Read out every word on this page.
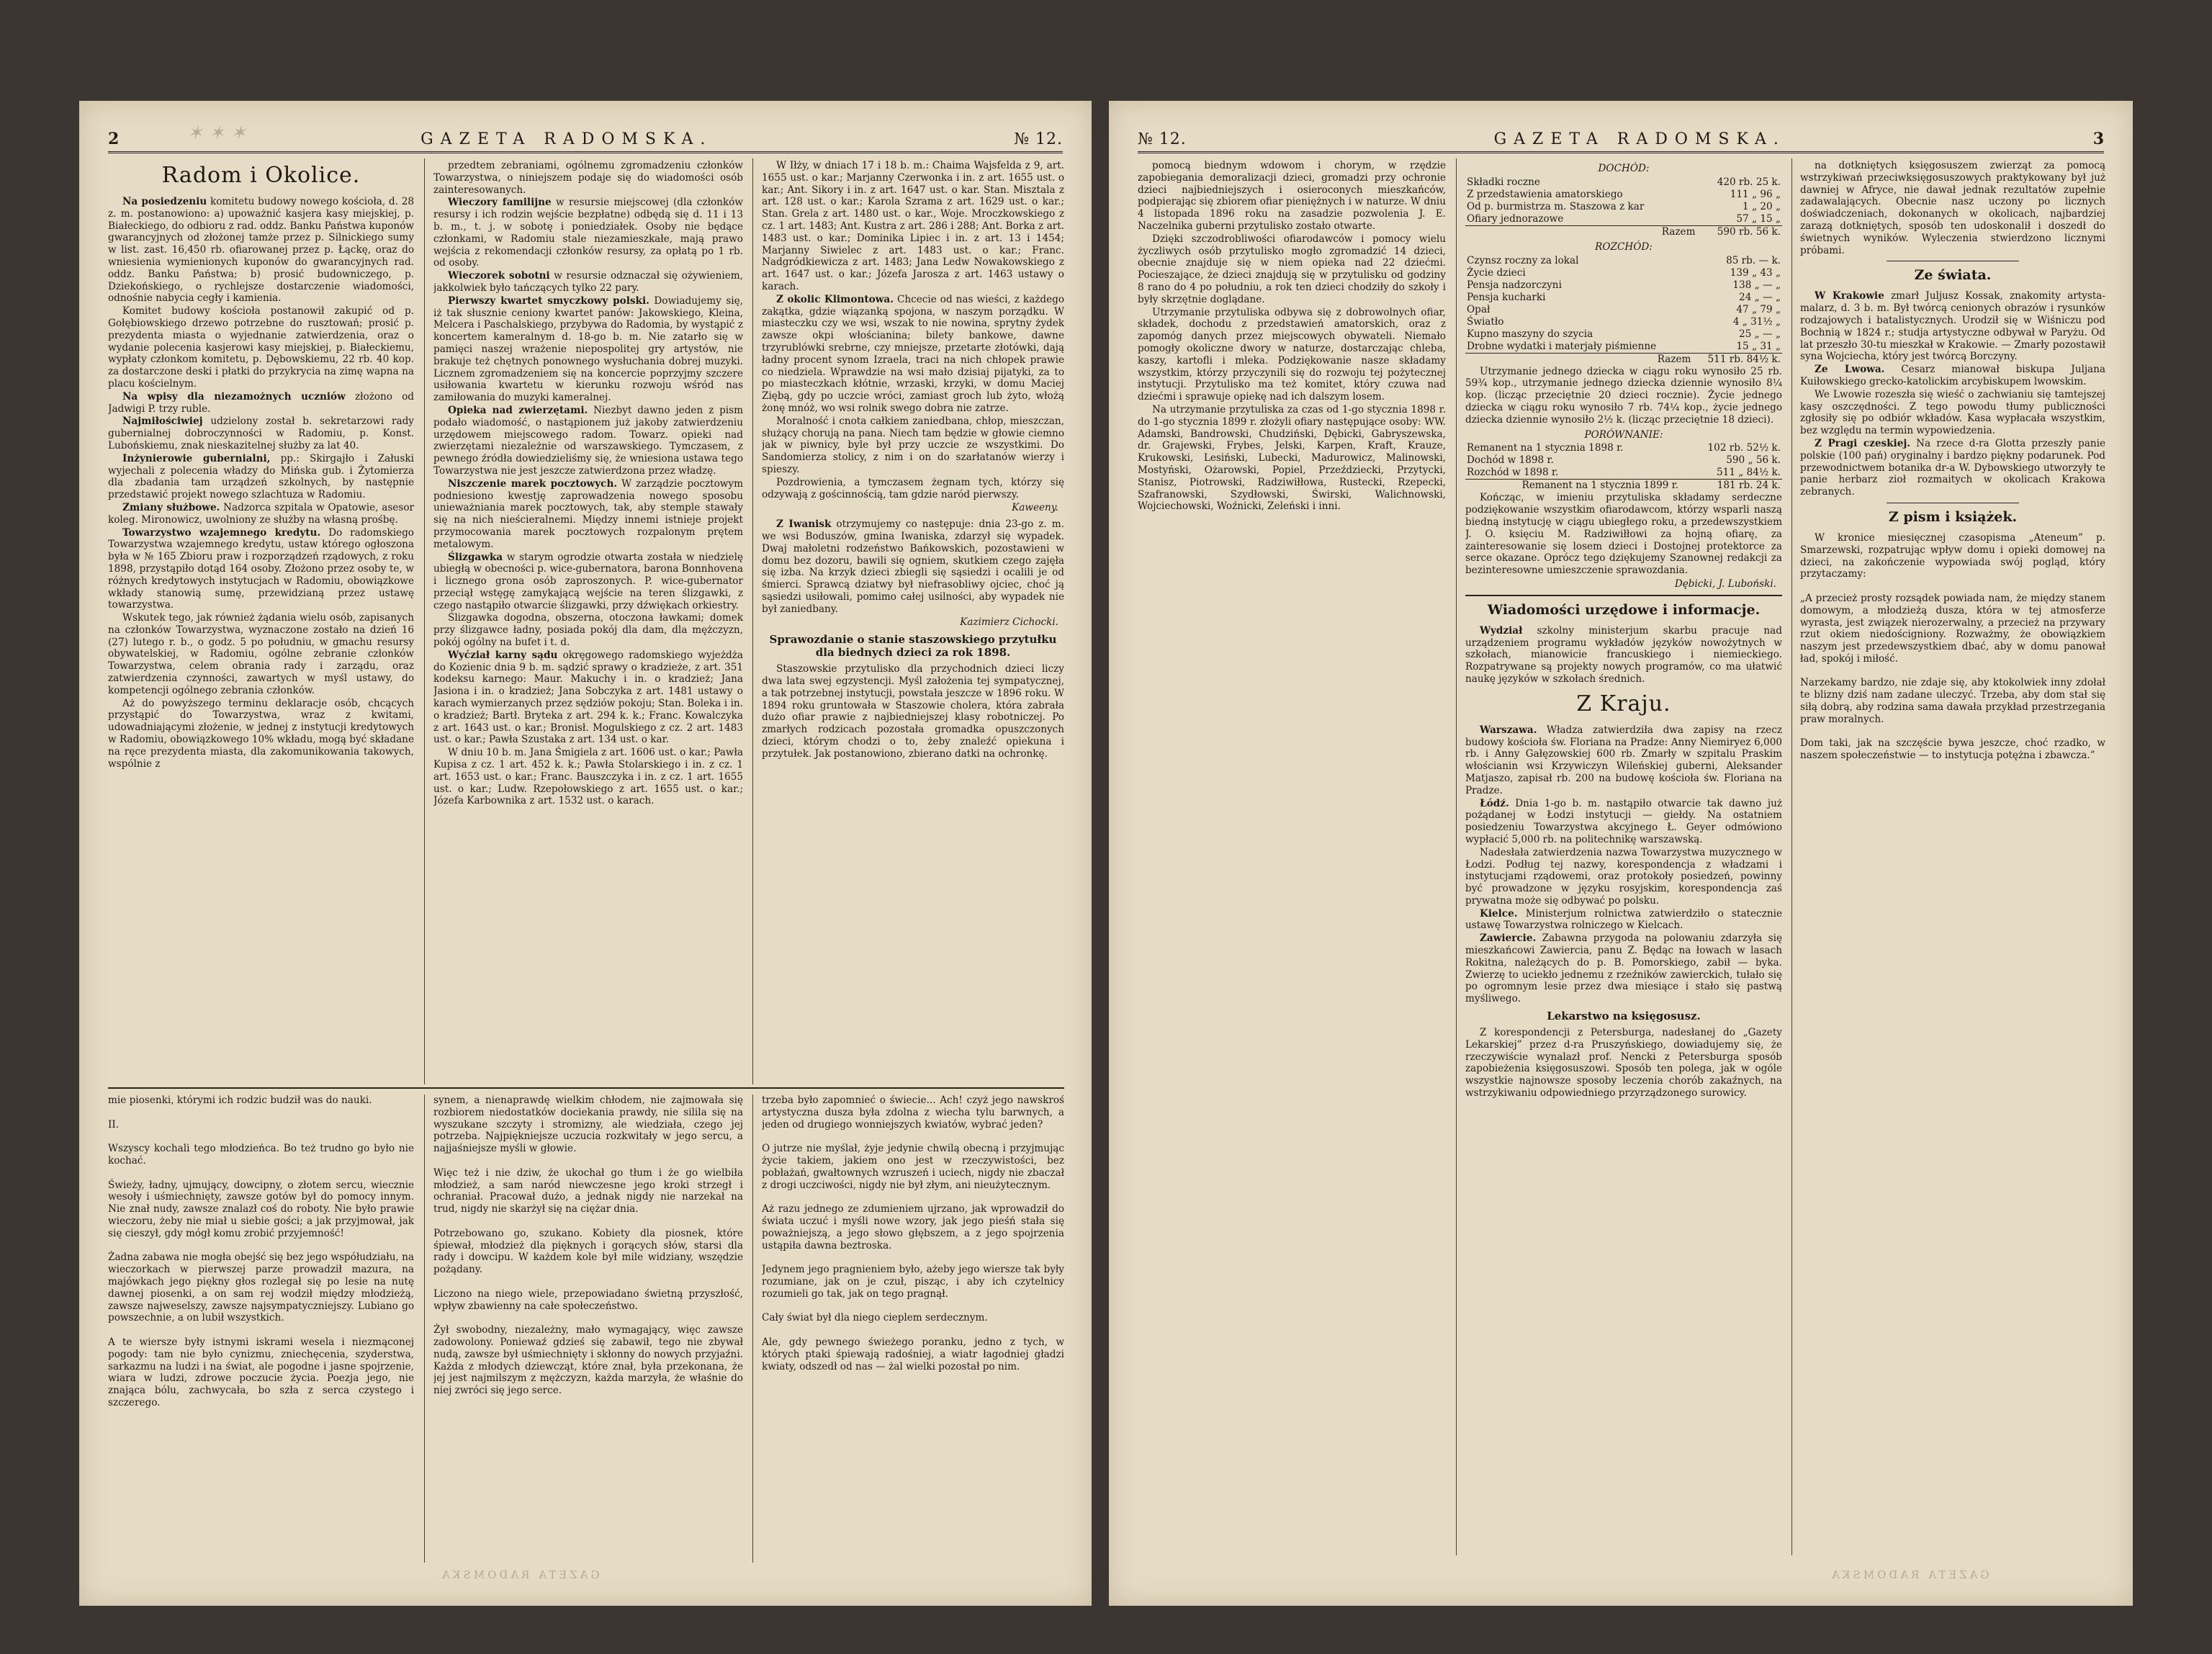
✶ ✶ ✶
2	GAZETA RADOMSKA.	№ 12.
Radom i Okolice.

Na posiedzeniu komitetu budowy nowego kościoła, d. 28 z. m. postanowiono: a) upoważnić kasjera kasy miejskiej, p. Białeckiego, do odbioru z rad. oddz. Banku Państwa kuponów gwarancyjnych od złożonej tamże przez p. Silnickiego sumy w list. zast. 16,450 rb. ofiarowanej przez p. Łąckę, oraz do wniesienia wymienionych kuponów do gwarancyjnych rad. oddz. Banku Państwa; b) prosić budowniczego, p. Dziekońskiego, o rychlejsze dostarczenie wiadomości, odnośnie nabycia cegły i kamienia.

Komitet budowy kościoła postanowił zakupić od p. Gołębiowskiego drzewo potrzebne do rusztowań; prosić p. prezydenta miasta o wyjednanie zatwierdzenia, oraz o wydanie polecenia kasjerowi kasy miejskiej, p. Białeckiemu, wypłaty członkom komitetu, p. Dębowskiemu, 22 rb. 40 kop. za dostarczone deski i płatki do przykrycia na zimę wapna na placu kościelnym.

Na wpisy dla niezamożnych uczniów złożono od Jadwigi P. trzy ruble.

Najmiłościwiej udzielony został b. sekretarzowi rady gubernialnej dobroczynności w Radomiu, p. Konst. Lubońskiemu, znak nieskazitelnej służby za lat 40.

Inżynierowie gubernialni, pp.: Skirgajło i Załuski wyjechali z polecenia władzy do Mińska gub. i Żytomierza dla zbadania tam urządzeń szkolnych, by następnie przedstawić projekt nowego szlachtuza w Radomiu.

Zmiany służbowe. Nadzorca szpitala w Opatowie, asesor koleg. Mironowicz, uwolniony ze służby na własną prośbę.

Towarzystwo wzajemnego kredytu. Do radomskiego Towarzystwa wzajemnego kredytu, ustaw którego ogłoszona była w № 165 Zbioru praw i rozporządzeń rządowych, z roku 1898, przystąpiło dotąd 164 osoby. Złożono przez osoby te, w różnych kredytowych instytucjach w Radomiu, obowiązkowe wkłady stanowią sumę, przewidzianą przez ustawę towarzystwa.

Wskutek tego, jak również żądania wielu osób, zapisanych na członków Towarzystwa, wyznaczone zostało na dzień 16 (27) lutego r. b., o godz. 5 po południu, w gmachu resursy obywatelskiej, w Radomiu, ogólne zebranie członków Towarzystwa, celem obrania rady i zarządu, oraz zatwierdzenia czynności, zawartych w myśl ustawy, do kompetencji ogólnego zebrania członków.

Aż do powyższego terminu deklaracje osób, chcących przystąpić do Towarzystwa, wraz z kwitami, udowadniającymi złożenie, w jednej z instytucji kredytowych w Radomiu, obowiązkowego 10% wkładu, mogą być składane na ręce prezydenta miasta, dla zakomunikowania takowych, wspólnie z

przedtem zebraniami, ogólnemu zgromadzeniu członków Towarzystwa, o niniejszem podaje się do wiadomości osób zainteresowanych.

Wieczory familijne w resursie miejscowej (dla członków resursy i ich rodzin wejście bezpłatne) odbędą się d. 11 i 13 b. m., t. j. w sobotę i poniedziałek. Osoby nie będące członkami, w Radomiu stale niezamieszkałe, mają prawo wejścia z rekomendacji członków resursy, za opłatą po 1 rb. od osoby.

Wieczorek sobotni w resursie odznaczał się ożywieniem, jakkolwiek było tańczących tylko 22 pary.

Pierwszy kwartet smyczkowy polski. Dowiadujemy się, iż tak słusznie ceniony kwartet panów: Jakowskiego, Kleina, Melcera i Paschalskiego, przybywa do Radomia, by wystąpić z koncertem kameralnym d. 18-go b. m. Nie zatarło się w pamięci naszej wrażenie niepospolitej gry artystów, nie brakuje też chętnych ponownego wysłuchania dobrej muzyki. Licznem zgromadzeniem się na koncercie poprzyjmy szczere usiłowania kwartetu w kierunku rozwoju wśród nas zamiłowania do muzyki kameralnej.

Opieka nad zwierzętami. Niezbyt dawno jeden z pism podało wiadomość, o nastąpionem już jakoby zatwierdzeniu urzędowem miejscowego radom. Towarz. opieki nad zwierzętami niezależnie od warszawskiego. Tymczasem, z pewnego źródła dowiedzieliśmy się, że wniesiona ustawa tego Towarzystwa nie jest jeszcze zatwierdzona przez władzę.

Niszczenie marek pocztowych. W zarządzie pocztowym podniesiono kwestję zaprowadzenia nowego sposobu unieważniania marek pocztowych, tak, aby stemple stawały się na nich nieścieralnemi. Między innemi istnieje projekt przymocowania marek pocztowych rozpalonym prętem metalowym.

Ślizgawka w starym ogrodzie otwarta została w niedzielę ubiegłą w obecności p. wice-gubernatora, barona Bonnhovena i licznego grona osób zaproszonych. P. wice-gubernator przeciął wstęgę zamykającą wejście na teren ślizgawki, z czego nastąpiło otwarcie ślizgawki, przy dźwiękach orkiestry.

Ślizgawka dogodna, obszerna, otoczona ławkami; domek przy ślizgawce ładny, posiada pokój dla dam, dla mężczyzn, pokój ogólny na bufet i t. d.

Wyćział karny sądu okręgowego radomskiego wyjeżdża do Kozienic dnia 9 b. m. sądzić sprawy o kradzieże, z art. 351 kodeksu karnego: Maur. Makuchy i in. o kradzież; Jana Jasiona i in. o kradzież; Jana Sobczyka z art. 1481 ustawy o karach wymierzanych przez sędziów pokoju; Stan. Boleka i in. o kradzież; Bartł. Bryteka z art. 294 k. k.; Franc. Kowalczyka z art. 1643 ust. o kar.; Bronisł. Mogulskiego z cz. 2 art. 1483 ust. o kar.; Pawła Szustaka z art. 134 ust. o kar.

W dniu 10 b. m. Jana Śmigiela z art. 1606 ust. o kar.; Pawła Kupisa z cz. 1 art. 452 k. k.; Pawła Stolarskiego i in. z cz. 1 art. 1653 ust. o kar.; Franc. Bauszczyka i in. z cz. 1 art. 1655 ust. o kar.; Ludw. Rzepołowskiego z art. 1655 ust. o kar.; Józefa Karbownika z art. 1532 ust. o karach.

W Iłży, w dniach 17 i 18 b. m.: Chaima Wajsfelda z 9, art. 1655 ust. o kar.; Marjanny Czerwonka i in. z art. 1655 ust. o kar.; Ant. Sikory i in. z art. 1647 ust. o kar. Stan. Misztala z art. 128 ust. o kar.; Karola Szrama z art. 1629 ust. o kar.; Stan. Grela z art. 1480 ust. o kar., Woje. Mroczkowskiego z cz. 1 art. 1483; Ant. Kustra z art. 286 i 288; Ant. Borka z art. 1483 ust. o kar.; Dominika Lipiec i in. z art. 13 i 1454; Marjanny Siwielec z art. 1483 ust. o kar.; Franc. Nadgródkiewicza z art. 1483; Jana Ledw Nowakowskiego z art. 1647 ust. o kar.; Józefa Jarosza z art. 1463 ustawy o karach.

Z okolic Klimontowa. Chcecie od nas wieści, z każdego zakątka, gdzie wiązanką spojona, w naszym porządku. W miasteczku czy we wsi, wszak to nie nowina, sprytny żydek zawsze okpi włościanina; bilety bankowe, dawne trzyrublówki srebrne, czy mniejsze, przetarte złotówki, dają ładny procent synom Izraela, traci na nich chłopek prawie co niedziela. Wprawdzie na wsi mało dzisiaj pijatyki, za to po miasteczkach kłótnie, wrzaski, krzyki, w domu Maciej Ziębą, gdy po uczcie wróci, zamiast groch lub żyto, włożą żonę mnóż, wo wsi rolnik swego dobra nie zatrze.

Moralność i cnota całkiem zaniedbana, chłop, mieszczan, służący chorują na pana. Niech tam będzie w głowie ciemno jak w piwnicy, byle był przy uczcie ze wszystkimi. Do Sandomierza stolicy, z nim i on do szarłatanów wierzy i spieszy.

Pozdrowienia, a tymczasem żegnam tych, którzy się odzywają z gościnnością, tam gdzie naród pierwszy.

Kaweeny.

Z Iwanisk otrzymujemy co następuje: dnia 23-go z. m. we wsi Boduszów, gmina Iwaniska, zdarzył się wypadek. Dwaj małoletni rodzeństwo Bańkowskich, pozostawieni w domu bez dozoru, bawili się ogniem, skutkiem czego zajęła się izba. Na krzyk dzieci zbiegli się sąsiedzi i ocalili je od śmierci. Sprawcą dziatwy był niefrasobliwy ojciec, choć ją sąsiedzi usiłowali, pomimo całej usilności, aby wypadek nie był zaniedbany.

Kazimierz Cichocki.
Sprawozdanie o stanie staszowskiego przytułku dla biednych dzieci za rok 1898.

Staszowskie przytulisko dla przychodnich dzieci liczy dwa lata swej egzystencji. Myśl założenia tej sympatycznej, a tak potrzebnej instytucji, powstała jeszcze w 1896 roku. W 1894 roku gruntowała w Staszowie cholera, która zabrała dużo ofiar prawie z najbiedniejszej klasy robotniczej. Po zmarłych rodzicach pozostała gromadka opuszczonych dzieci, którym chodzi o to, żeby znaleźć opiekuna i przytułek. Jak postanowiono, zbierano datki na ochronkę.

mie piosenki, którymi ich rodzic budził was do nauki.

II.

Wszyscy kochali tego młodzieńca. Bo też trudno go było nie kochać.

Świeży, ładny, ujmujący, dowcipny, o złotem sercu, wiecznie wesoły i uśmiechnięty, zawsze gotów był do pomocy innym. Nie znał nudy, zawsze znalazł coś do roboty. Nie było prawie wieczoru, żeby nie miał u siebie gości; a jak przyjmował, jak się cieszył, gdy mógł komu zrobić przyjemność!

Żadna zabawa nie mogła obejść się bez jego współudziału, na wieczorkach w pierwszej parze prowadził mazura, na majówkach jego piękny głos rozlegał się po lesie na nutę dawnej piosenki, a on sam rej wodził między młodzieżą, zawsze najweselszy, zawsze najsympatyczniejszy. Lubiano go powszechnie, a on lubił wszystkich.

A te wiersze były istnymi iskrami wesela i niezmąconej pogody: tam nie było cynizmu, zniechęcenia, szyderstwa, sarkazmu na ludzi i na świat, ale pogodne i jasne spojrzenie, wiara w ludzi, zdrowe poczucie życia. Poezja jego, nie znająca bólu, zachwycała, bo szła z serca czystego i szczerego.
synem, a nienaprawdę wielkim chłodem, nie zajmowała się rozbiorem niedostatków dociekania prawdy, nie silila się na wyszukane szczyty i stromizny, ale wiedziała, czego jej potrzeba. Najpiękniejsze uczucia rozkwitały w jego sercu, a najjaśniejsze myśli w głowie.

Więc też i nie dziw, że ukochał go tłum i że go wielbiła młodzież, a sam naród niewczesne jego kroki strzegł i ochraniał. Pracował dużo, a jednak nigdy nie narzekał na trud, nigdy nie skarżył się na ciężar dnia.

Potrzebowano go, szukano. Kobiety dla piosnek, które śpiewał, młodzież dla pięknych i gorących słów, starsi dla rady i dowcipu. W każdem kole był mile widziany, wszędzie pożądany.

Liczono na niego wiele, przepowiadano świetną przyszłość, wpływ zbawienny na całe społeczeństwo.

Żył swobodny, niezależny, mało wymagający, więc zawsze zadowolony. Poniewaź gdzieś się zabawił, tego nie zbywał nudą, zawsze był uśmiechnięty i skłonny do nowych przyjaźni. Każda z młodych dziewcząt, które znał, była przekonana, że jej jest najmilszym z mężczyzn, każda marzyła, że właśnie do niej zwróci się jego serce.
trzeba było zapomnieć o świecie... Ach! czyż jego nawskroś artystyczna dusza była zdolna z wiecha tylu barwnych, a jeden od drugiego wonniejszych kwiatów, wybrać jeden?

O jutrze nie myślał, żyje jedynie chwilą obecną i przyjmując życie takiem, jakiem ono jest w rzeczywistości, bez pobłażań, gwałtownych wzruszeń i uciech, nigdy nie zbaczał z drogi uczciwości, nigdy nie był złym, ani nieużytecznym.

Aż razu jednego ze zdumieniem ujrzano, jak wprowadził do świata uczuć i myśli nowe wzory, jak jego pieśń stała się poważniejszą, a jego słowo głębszem, a z jego spojrzenia ustąpiła dawna beztroska.

Jedynem jego pragnieniem było, ażeby jego wiersze tak były rozumiane, jak on je czuł, pisząc, i aby ich czytelnicy rozumieli go tak, jak on tego pragnął.

Cały świat był dla niego cieplem serdecznym.

Ale, gdy pewnego świeżego poranku, jedno z tych, w których ptaki śpiewają radośniej, a wiatr łagodniej gładzi kwiaty, odszedł od nas — żal wielki pozostał po nim.
GAZETA RADOMSKA
№ 12.	GAZETA RADOMSKA.	3

pomocą biednym wdowom i chorym, w rzędzie zapobiegania demoralizacji dzieci, gromadzi przy ochronie dzieci najbiedniejszych i osieroconych mieszkańców, podpierając się zbiorem ofiar pieniężnych i w naturze. W dniu 4 listopada 1896 roku na zasadzie pozwolenia J. E. Naczelnika guberni przytulisko zostało otwarte.

Dzięki szczodrobliwości ofiarodawców i pomocy wielu życzliwych osób przytulisko mogło zgromadzić 14 dzieci, obecnie znajduje się w niem opieka nad 22 dziećmi. Pocieszające, że dzieci znajdują się w przytulisku od godziny 8 rano do 4 po południu, a rok ten dzieci chodziły do szkoły i były skrzętnie doglądane.

Utrzymanie przytuliska odbywa się z dobrowolnych ofiar, składek, dochodu z przedstawień amatorskich, oraz z zapomóg danych przez miejscowych obywateli. Niemało pomogły okoliczne dwory w naturze, dostarczając chleba, kaszy, kartofli i mleka. Podziękowanie nasze składamy wszystkim, którzy przyczynili się do rozwoju tej pożytecznej instytucji. Przytulisko ma też komitet, który czuwa nad dziećmi i sprawuje opiekę nad ich dalszym losem.

Na utrzymanie przytuliska za czas od 1-go stycznia 1898 r. do 1-go stycznia 1899 r. złożyli ofiary następujące osoby: WW. Adamski, Bandrowski, Chudziński, Dębicki, Gabryszewska, dr. Grajewski, Frybes, Jelski, Karpen, Kraft, Krauze, Krukowski, Lesiński, Lubecki, Madurowicz, Malinowski, Mostyński, Ożarowski, Popiel, Przeździecki, Przytycki, Stanisz, Piotrowski, Radziwiłłowa, Rustecki, Rzepecki, Szafranowski, Szydłowski, Świrski, Walichnowski, Wojciechowski, Woźnicki, Zeleński i inni.

DOCHÓD:
Składki roczne	420 rb. 25 k.
Z przedstawienia amatorskiego	111 „ 96 „
Od p. burmistrza m. Staszowa z kar	1 „ 20 „
Ofiary jednorazowe	57 „ 15 „
Razem	590 rb. 56 k.
ROZCHÓD:
Czynsz roczny za lokal	85 rb. — k.
Życie dzieci	139 „ 43 „
Pensja nadzorczyni	138 „ — „
Pensja kucharki	24 „ — „
Opał	47 „ 79 „
Światło	4 „ 31½ „
Kupno maszyny do szycia	25 „ — „
Drobne wydatki i materjały piśmienne	15 „ 31 „
Razem	511 rb. 84½ k.

Utrzymanie jednego dziecka w ciągu roku wynosiło 25 rb. 59¾ kop., utrzymanie jednego dziecka dziennie wynosiło 8¼ kop. (licząc przeciętnie 20 dzieci rocznie). Życie jednego dziecka w ciągu roku wynosiło 7 rb. 74¼ kop., życie jednego dziecka dziennie wynosiło 2½ k. (licząc przeciętnie 18 dzieci).

PORÓWNANIE:
Remanent na 1 stycznia 1898 r.	102 rb. 52½ k.
Dochód w 1898 r.	590 „ 56 k.
Rozchód w 1898 r.	511 „ 84½ k.
Remanent na 1 stycznia 1899 r.	181 rb. 24 k.

Kończąc, w imieniu przytuliska składamy serdeczne podziękowanie wszystkim ofiarodawcom, którzy wsparli naszą biedną instytucję w ciągu ubiegłego roku, a przedewszystkiem J. O. księciu M. Radziwiłłowi za hojną ofiarę, za zainteresowanie się losem dzieci i Dostojnej protektorce za serce okazane. Oprócz tego dziękujemy Szanownej redakcji za bezinteresowne umieszczenie sprawozdania.

Dębicki, J. Luboński.
Wiadomości urzędowe i informacje.

Wydział szkolny ministerjum skarbu pracuje nad urządzeniem programu wykładów języków nowożytnych w szkołach, mianowicie francuskiego i niemieckiego. Rozpatrywane są projekty nowych programów, co ma ułatwić naukę języków w szkołach średnich.

Z Kraju.

Warszawa. Władza zatwierdziła dwa zapisy na rzecz budowy kościoła św. Floriana na Pradze: Anny Niemiryez 6,000 rb. i Anny Gałęzowskiej 600 rb. Zmarły w szpitalu Praskim włościanin wsi Krzywiczyn Wileńskiej guberni, Aleksander Matjaszo, zapisał rb. 200 na budowę kościoła św. Floriana na Pradze.

Łódź. Dnia 1-go b. m. nastąpiło otwarcie tak dawno już pożądanej w Łodzi instytucji — giełdy. Na ostatniem posiedzeniu Towarzystwa akcyjnego Ł. Geyer odmówiono wypłacić 5,000 rb. na politechnikę warszawską.

Nadesłała zatwierdzenia nazwa Towarzystwa muzycznego w Łodzi. Podług tej nazwy, korespondencja z władzami i instytucjami rządowemi, oraz protokoły posiedzeń, powinny być prowadzone w języku rosyjskim, korespondencja zaś prywatna może się odbywać po polsku.

Kielce. Ministerjum rolnictwa zatwierdziło o statecznie ustawę Towarzystwa rolniczego w Kielcach.

Zawiercie. Zabawna przygoda na polowaniu zdarzyła się mieszkańcowi Zawiercia, panu Z. Będąc na łowach w lasach Rokitna, należących do p. B. Pomorskiego, zabił — byka. Zwierzę to uciekło jednemu z rzeźników zawierckich, tułało się po ogromnym lesie przez dwa miesiące i stało się pastwą myśliwego.

Lekarstwo na księgosusz.

Z korespondencji z Petersburga, nadesłanej do „Gazety Lekarskiej” przez d-ra Pruszyńskiego, dowiadujemy się, że rzeczywiście wynalazł prof. Nencki z Petersburga sposób zapobieżenia księgosuszowi. Sposób ten polega, jak w ogóle wszystkie najnowsze sposoby leczenia chorób zakaźnych, na wstrzykiwaniu odpowiedniego przyrządzonego surowicy.

na dotkniętych księgosuszem zwierząt za pomocą wstrzykiwań przeciwksięgosuszowych praktykowany był już dawniej w Afryce, nie dawał jednak rezultatów zupełnie zadawalających. Obecnie nasz uczony po licznych doświadczeniach, dokonanych w okolicach, najbardziej zarazą dotkniętych, sposób ten udoskonalił i doszedł do świetnych wyników. Wyleczenia stwierdzono licznymi próbami.

Ze świata.

W Krakowie zmarł Juljusz Kossak, znakomity artysta-malarz, d. 3 b. m. Był twórcą cenionych obrazów i rysunków rodzajowych i batalistycznych. Urodził się w Wiśniczu pod Bochnią w 1824 r.; studja artystyczne odbywał w Paryżu. Od lat przeszło 30-tu mieszkał w Krakowie. — Zmarły pozostawił syna Wojciecha, który jest twórcą Borczyny.

Ze Lwowa. Cesarz mianował biskupa Juljana Kuiłowskiego grecko-katolickim arcybiskupem lwowskim.

We Lwowie rozeszła się wieść o zachwianiu się tamtejszej kasy oszczędności. Z tego powodu tłumy publiczności zgłosiły się po odbiór wkładów. Kasa wypłacała wszystkim, bez względu na termin wypowiedzenia.

Z Pragi czeskiej. Na rzece d-ra Glotta przeszły panie polskie (100 pań) oryginalny i bardzo piękny podarunek. Pod przewodnictwem botanika dr-a W. Dybowskiego utworzyły te panie herbarz zioł rozmaitych w okolicach Krakowa zebranych.

Z pism i książek.
W kronice miesięcznej czasopisma „Ateneum” p. Smarzewski, rozpatrując wpływ domu i opieki domowej na dzieci, na zakończenie wypowiada swój pogląd, który przytaczamy:

„A przecież prosty rozsądek powiada nam, że między stanem domowym, a młodzieżą dusza, która w tej atmosferze wyrasta, jest związek nierozerwalny, a przecież na przywary rzut okiem niedościgniony. Rozważmy, że obowiązkiem naszym jest przedewszystkiem dbać, aby w domu panował ład, spokój i miłość.

Narzekamy bardzo, nie zdaje się, aby ktokolwiek inny zdołał te blizny dziś nam zadane uleczyć. Trzeba, aby dom stał się siłą dobrą, aby rodzina sama dawała przykład przestrzegania praw moralnych.

Dom taki, jak na szczęście bywa jeszcze, choć rzadko, w naszem społeczeństwie — to instytucja potężna i zbawcza.”
GAZETA RADOMSKA
